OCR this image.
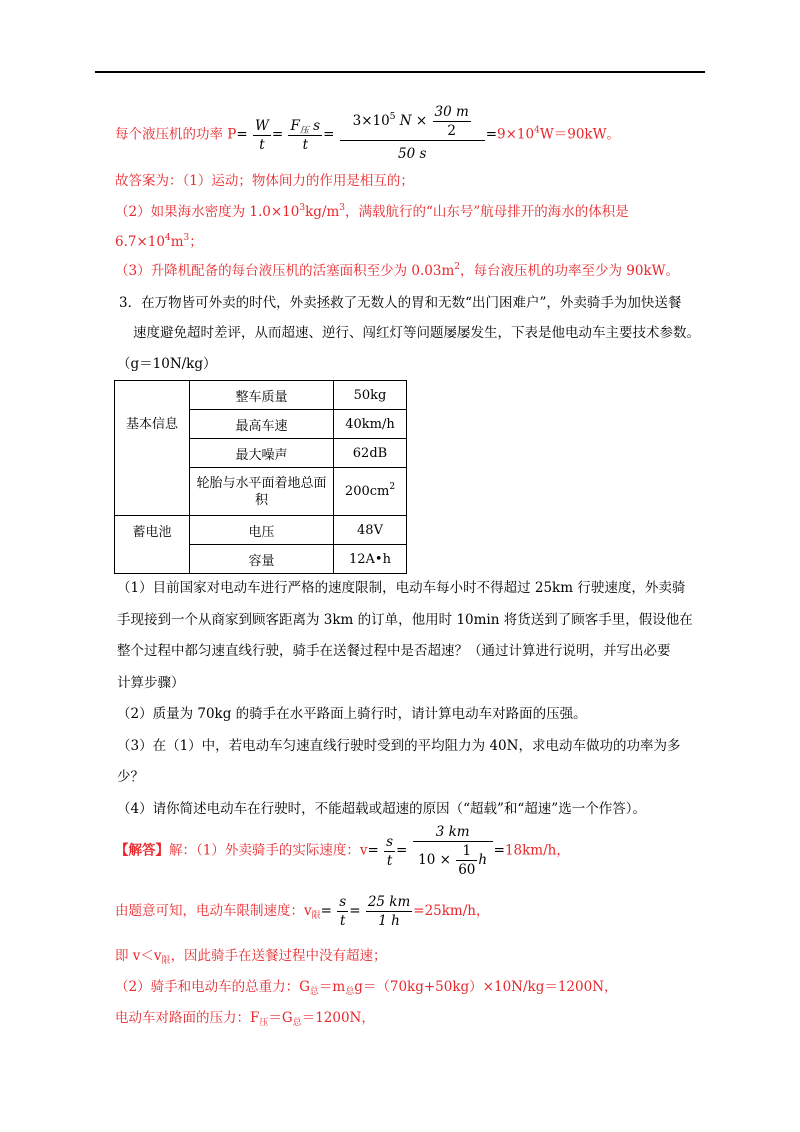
每个液压机的功率 $P= \frac{W}{t} = \frac{F_压 s}{t} = \frac{3\times 10^5 N \times \frac{30 m}{2}}{50 s} =9\times 10^4W=90kW$。
故答案为：（1）运动；物体间力的作用是相互的；
（2）如果海水密度为 $1.0\times 10^3kg/m^3$，满载航行的“山东号”航母排开的海水的体积是
$6.7\times 10^4m^3$；
（3）升降机配备的每台液压机的活塞面积至少为 $0.03m^2$，每台液压机的功率至少为 90kW。
3．在万物皆可外卖的时代，外卖拯救了无数人的胃和无数“出门困难户”，外卖骑手为加快送餐
速度避免超时差评，从而超速、逆行、闯红灯等问题屡屡发生，下表是他电动车主要技术参数。
（g＝10N/kg）
基本信息	整车质量	50kg
	最高车速	40km/h
	最大噪声	62dB
	轮胎与水平面着地总面
积	$200cm^2$
蓄电池	电压	48V
	容量	12A•h
（1）目前国家对电动车进行严格的速度限制，电动车每小时不得超过 25km 行驶速度，外卖骑
手现接到一个从商家到顾客距离为 3km 的订单，他用时 10min 将货送到了顾客手里，假设他在
整个过程中都匀速直线行驶，骑手在送餐过程中是否超速？（通过计算进行说明，并写出必要
计算步骤）
（2）质量为 70kg 的骑手在水平路面上骑行时，请计算电动车对路面的压强。
（3）在（1）中，若电动车匀速直线行驶时受到的平均阻力为 40N，求电动车做功的功率为多
少？
（4）请你简述电动车在行驶时，不能超载或超速的原因（“超载”和“超速”选一个作答）。
【解答】解：（1）外卖骑手的实际速度：$v= \frac{s}{t} = \frac{3 km}{10 \times \frac{1}{60} h} =18km/h$，
由题意可知，电动车限制速度：$v_限= \frac{s}{t} = \frac{25 km}{1 h} =25km/h$，
即 $v<v_限$，因此骑手在送餐过程中没有超速；
（2）骑手和电动车的总重力：$G_总=m_总g=(70kg+50kg)\times 10N/kg=1200N$，
电动车对路面的压力：$F_压=G_总=1200N$，
